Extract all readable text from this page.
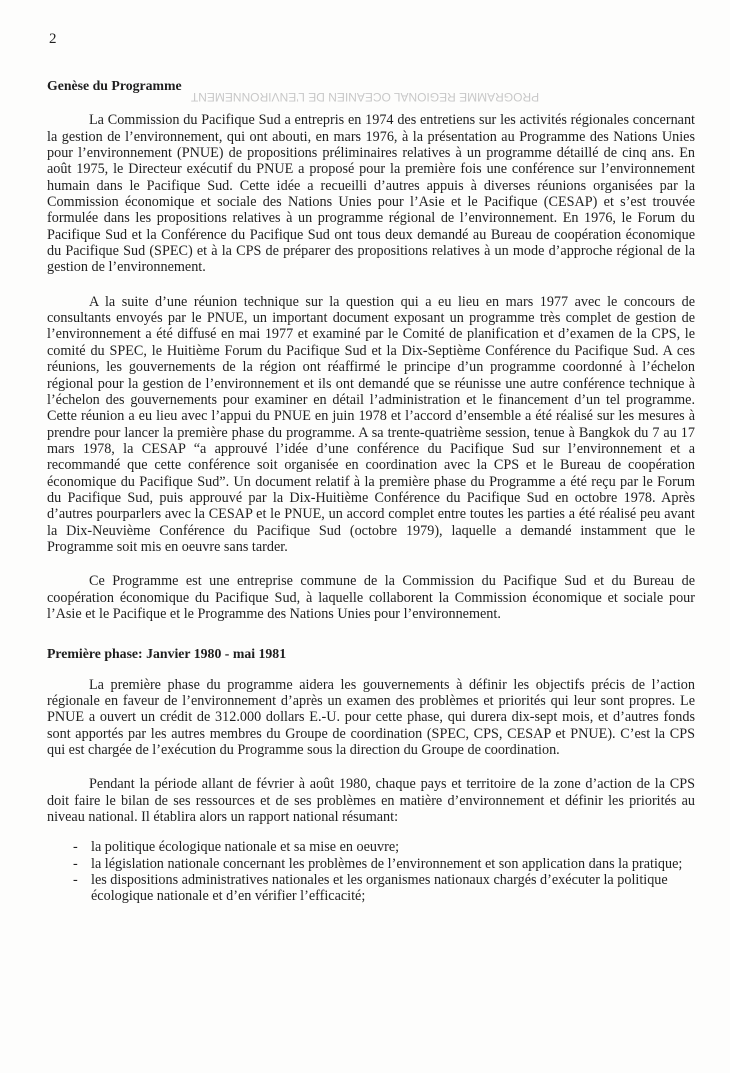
PROGRAMME REGIONAL OCEANIEN DE L’ENVIRONNEMENT
2

Genèse du Programme

La Commission du Pacifique Sud a entrepris en 1974 des entretiens sur les activités régionales concernant la gestion de l’environnement, qui ont abouti, en mars 1976, à la présentation au Programme des Nations Unies pour l’environnement (PNUE) de propositions préliminaires relatives à un programme détaillé de cinq ans. En août 1975, le Directeur exécutif du PNUE a proposé pour la première fois une conférence sur l’environnement humain dans le Pacifique Sud. Cette idée a recueilli d’autres appuis à diverses réunions organisées par la Commission économique et sociale des Nations Unies pour l’Asie et le Pacifique (CESAP) et s’est trouvée formulée dans les propositions relatives à un programme régional de l’environnement. En 1976, le Forum du Pacifique Sud et la Conférence du Pacifique Sud ont tous deux demandé au Bureau de coopération économique du Pacifique Sud (SPEC) et à la CPS de préparer des propositions relatives à un mode d’approche régional de la gestion de l’environnement.

A la suite d’une réunion technique sur la question qui a eu lieu en mars 1977 avec le concours de consultants envoyés par le PNUE, un important document exposant un programme très complet de gestion de l’environnement a été diffusé en mai 1977 et examiné par le Comité de planification et d’examen de la CPS, le comité du SPEC, le Huitième Forum du Pacifique Sud et la Dix-Septième Conférence du Pacifique Sud. A ces réunions, les gouvernements de la région ont réaffirmé le principe d’un programme coordonné à l’échelon régional pour la gestion de l’environnement et ils ont demandé que se réunisse une autre conférence technique à l’échelon des gouvernements pour examiner en détail l’administration et le financement d’un tel programme. Cette réunion a eu lieu avec l’appui du PNUE en juin 1978 et l’accord d’ensemble a été réalisé sur les mesures à prendre pour lancer la première phase du programme. A sa trente-quatrième session, tenue à Bangkok du 7 au 17 mars 1978, la CESAP “a approuvé l’idée d’une conférence du Pacifique Sud sur l’environnement et a recommandé que cette conférence soit organisée en coordination avec la CPS et le Bureau de coopération économique du Pacifique Sud”. Un document relatif à la première phase du Programme a été reçu par le Forum du Pacifique Sud, puis approuvé par la Dix-Huitième Conférence du Pacifique Sud en octobre 1978. Après d’autres pourparlers avec la CESAP et le PNUE, un accord complet entre toutes les parties a été réalisé peu avant la Dix-Neuvième Conférence du Pacifique Sud (octobre 1979), laquelle a demandé instamment que le Programme soit mis en oeuvre sans tarder.

Ce Programme est une entreprise commune de la Commission du Pacifique Sud et du Bureau de coopération économique du Pacifique Sud, à laquelle collaborent la Commission économique et sociale pour l’Asie et le Pacifique et le Programme des Nations Unies pour l’environnement.

Première phase: Janvier 1980 - mai 1981

La première phase du programme aidera les gouvernements à définir les objectifs précis de l’action régionale en faveur de l’environnement d’après un examen des problèmes et priorités qui leur sont propres. Le PNUE a ouvert un crédit de 312.000 dollars E.-U. pour cette phase, qui durera dix-sept mois, et d’autres fonds sont apportés par les autres membres du Groupe de coordination (SPEC, CPS, CESAP et PNUE). C’est la CPS qui est chargée de l’exécution du Programme sous la direction du Groupe de coordination.

Pendant la période allant de février à août 1980, chaque pays et territoire de la zone d’action de la CPS doit faire le bilan de ses ressources et de ses problèmes en matière d’environnement et définir les priorités au niveau national. Il établira alors un rapport national résumant:

- la politique écologique nationale et sa mise en oeuvre;
- la législation nationale concernant les problèmes de l’environnement et son application dans la pratique;
- les dispositions administratives nationales et les organismes nationaux chargés d’exécuter la politique écologique nationale et d’en vérifier l’efficacité;
